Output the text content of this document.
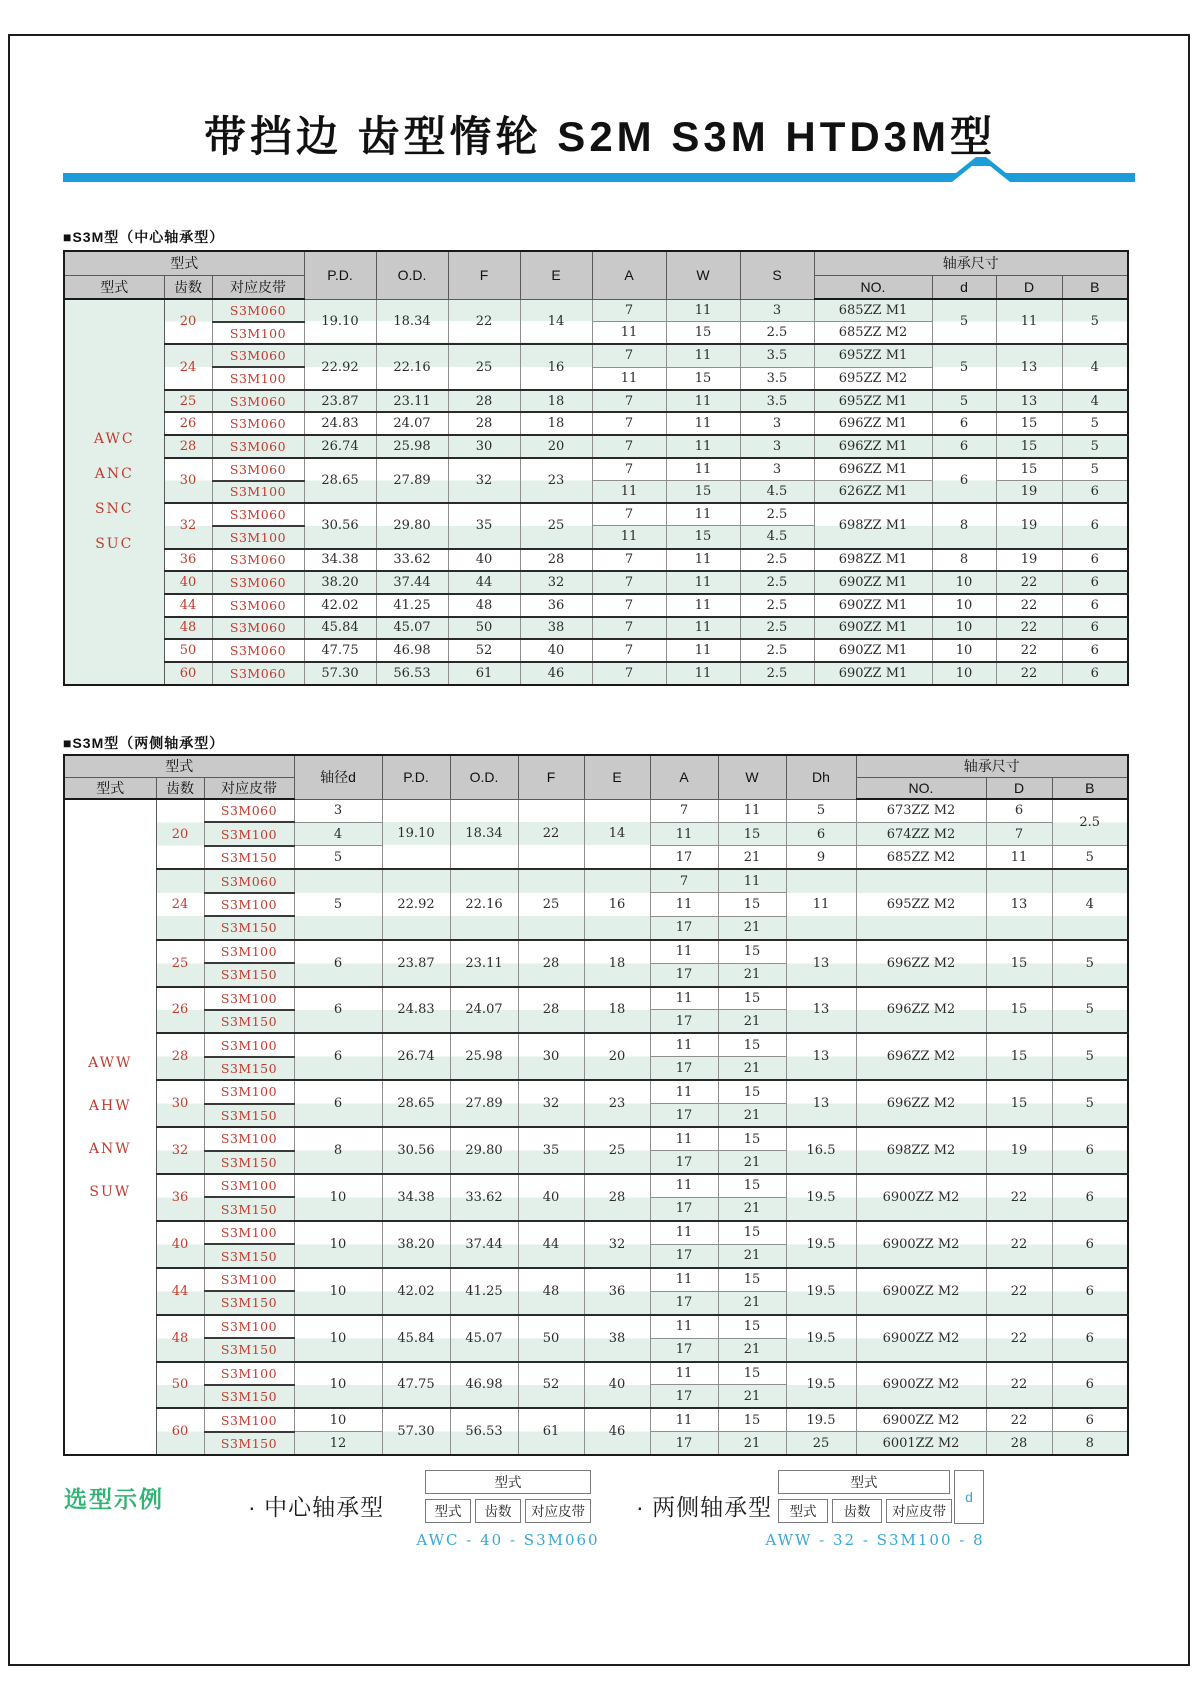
带挡边 齿型惰轮 S2M S3M HTD3M型
■S3M型（中心轴承型）
型式			P.D.	O.D.	F	E	A	W	S	轴承尺寸			
型式	齿数	对应皮带								NO.	d	D	B

AWC
ANC
SNC
SUC	20	S3M060	19.10	18.34	22	14	7	11	3	685ZZ M1	5	11	5
		S3M100					11	15	2.5	685ZZ M2			
	24	S3M060	22.92	22.16	25	16	7	11	3.5	695ZZ M1	5	13	4
		S3M100					11	15	3.5	695ZZ M2			
	25	S3M060	23.87	23.11	28	18	7	11	3.5	695ZZ M1	5	13	4
	26	S3M060	24.83	24.07	28	18	7	11	3	696ZZ M1	6	15	5
	28	S3M060	26.74	25.98	30	20	7	11	3	696ZZ M1	6	15	5
	30	S3M060	28.65	27.89	32	23	7	11	3	696ZZ M1	6	15	5
		S3M100					11	15	4.5	626ZZ M1		19	6
	32	S3M060	30.56	29.80	35	25	7	11	2.5	698ZZ M1	8	19	6
		S3M100					11	15	4.5				
	36	S3M060	34.38	33.62	40	28	7	11	2.5	698ZZ M1	8	19	6
	40	S3M060	38.20	37.44	44	32	7	11	2.5	690ZZ M1	10	22	6
	44	S3M060	42.02	41.25	48	36	7	11	2.5	690ZZ M1	10	22	6
	48	S3M060	45.84	45.07	50	38	7	11	2.5	690ZZ M1	10	22	6
	50	S3M060	47.75	46.98	52	40	7	11	2.5	690ZZ M1	10	22	6
	60	S3M060	57.30	56.53	61	46	7	11	2.5	690ZZ M1	10	22	6
■S3M型（两侧轴承型）
型式			轴径d	P.D.	O.D.	F	E	A	W	Dh	轴承尺寸		
型式	齿数	对应皮带									NO.	D	B

AWW
AHW
ANW
SUW	20	S3M060	3	19.10	18.34	22	14	7	11	5	673ZZ M2	6	2.5
		S3M100	4					11	15	6	674ZZ M2	7	
		S3M150	5					17	21	9	685ZZ M2	11	5
	24	S3M060	5	22.92	22.16	25	16	7	11	11	695ZZ M2	13	4
		S3M100						11	15				
		S3M150						17	21				
	25	S3M100	6	23.87	23.11	28	18	11	15	13	696ZZ M2	15	5
		S3M150						17	21				
	26	S3M100	6	24.83	24.07	28	18	11	15	13	696ZZ M2	15	5
		S3M150						17	21				
	28	S3M100	6	26.74	25.98	30	20	11	15	13	696ZZ M2	15	5
		S3M150						17	21				
	30	S3M100	6	28.65	27.89	32	23	11	15	13	696ZZ M2	15	5
		S3M150						17	21				
	32	S3M100	8	30.56	29.80	35	25	11	15	16.5	698ZZ M2	19	6
		S3M150						17	21				
	36	S3M100	10	34.38	33.62	40	28	11	15	19.5	6900ZZ M2	22	6
		S3M150						17	21				
	40	S3M100	10	38.20	37.44	44	32	11	15	19.5	6900ZZ M2	22	6
		S3M150						17	21				
	44	S3M100	10	42.02	41.25	48	36	11	15	19.5	6900ZZ M2	22	6
		S3M150						17	21				
	48	S3M100	10	45.84	45.07	50	38	11	15	19.5	6900ZZ M2	22	6
		S3M150						17	21				
	50	S3M100	10	47.75	46.98	52	40	11	15	19.5	6900ZZ M2	22	6
		S3M150						17	21				
	60	S3M100	10	57.30	56.53	61	46	11	15	19.5	6900ZZ M2	22	6
		S3M150	12					17	21	25	6001ZZ M2	28	8
选型示例	· 中心轴承型
型式
型式	齿数	对应皮带
AWC - 40 - S3M060
· 两侧轴承型
型式
型式	齿数	对应皮带
d
AWW - 32 - S3M100 - 8
